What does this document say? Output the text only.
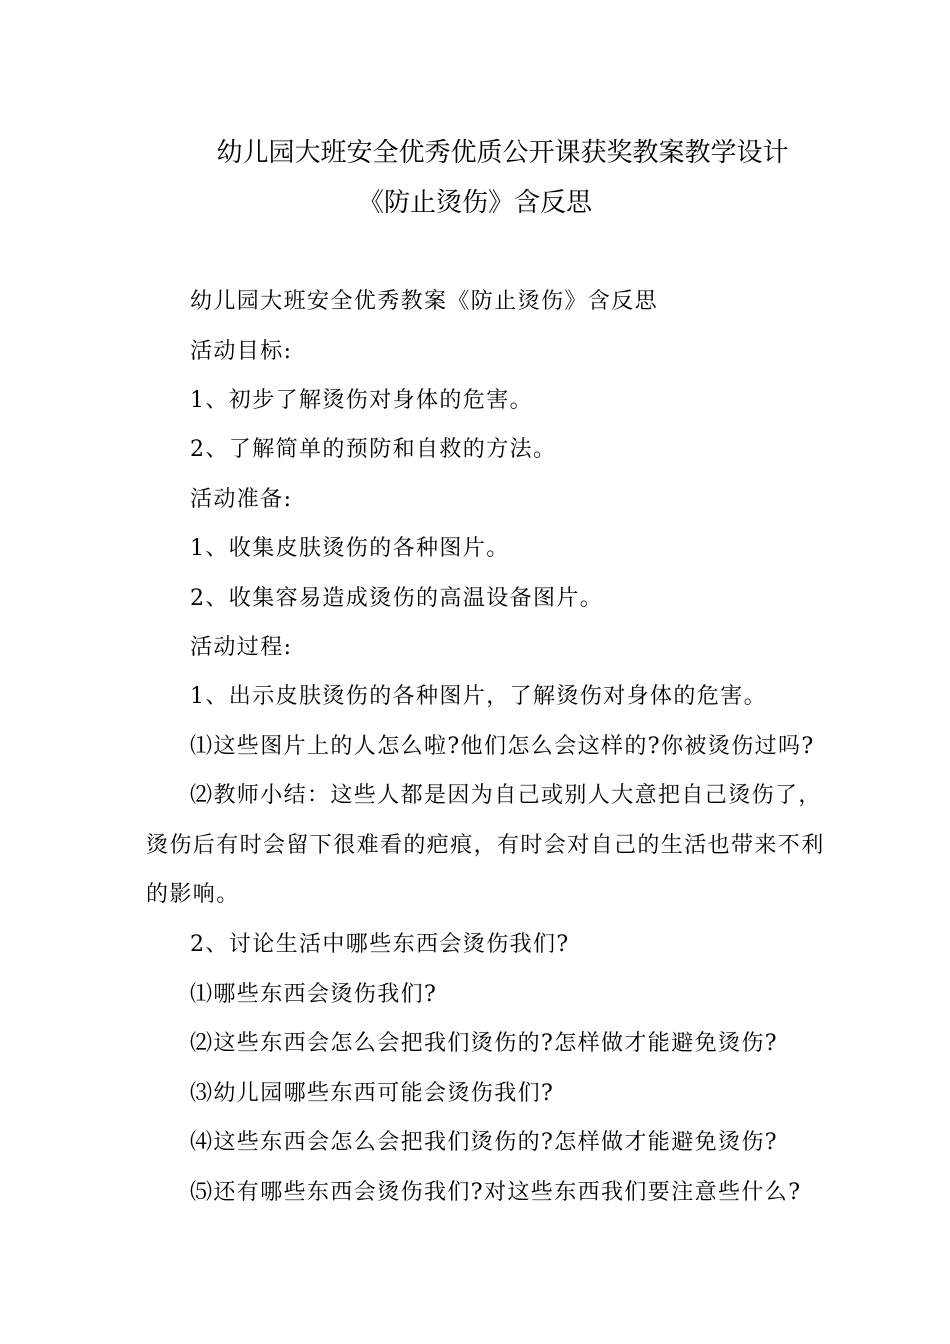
幼儿园大班安全优秀优质公开课获奖教案教学设计
《防止烫伤》含反思
幼儿园大班安全优秀教案《防止烫伤》含反思
活动目标:
1、初步了解烫伤对身体的危害。
2、了解简单的预防和自救的方法。
活动准备:
1、收集皮肤烫伤的各种图片。
2、收集容易造成烫伤的高温设备图片。
活动过程:
1、出示皮肤烫伤的各种图片，了解烫伤对身体的危害。
⑴这些图片上的人怎么啦?他们怎么会这样的?你被烫伤过吗?
⑵教师小结：这些人都是因为自己或别人大意把自己烫伤了，
烫伤后有时会留下很难看的疤痕，有时会对自己的生活也带来不利
的影响。
2、讨论生活中哪些东西会烫伤我们?
⑴哪些东西会烫伤我们?
⑵这些东西会怎么会把我们烫伤的?怎样做才能避免烫伤?
⑶幼儿园哪些东西可能会烫伤我们?
⑷这些东西会怎么会把我们烫伤的?怎样做才能避免烫伤?
⑸还有哪些东西会烫伤我们?对这些东西我们要注意些什么?
